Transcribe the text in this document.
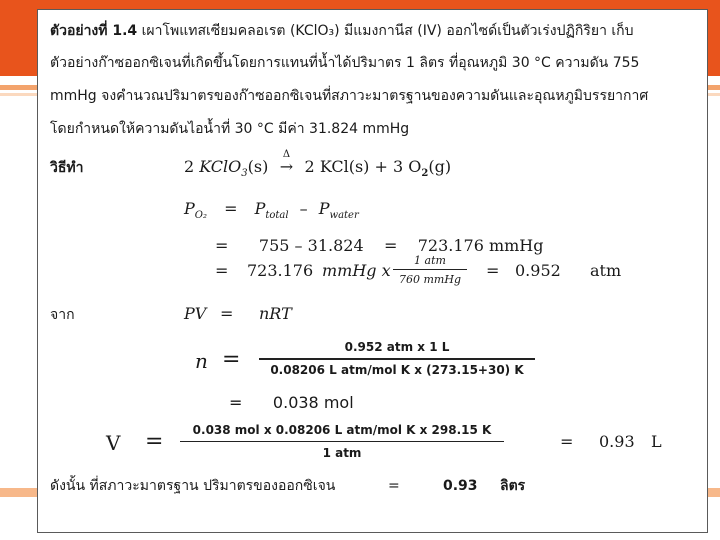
ตัวอย่างที่ 1.4 เผาโพแทสเซียมคลอเรต (KClO₃) มีแมงกานีส (IV) ออกไซด์เป็นตัวเร่งปฏิกิริยา เก็บ
ตัวอย่างก๊าซออกซิเจนที่เกิดขึ้นโดยการแทนที่น้ำได้ปริมาตร 1 ลิตร ที่อุณหภูมิ 30 °C ความดัน 755
mmHg จงคำนวณปริมาตรของก๊าซออกซิเจนที่สภาวะมาตรฐานของความดันและอุณหภูมิบรรยากาศ
โดยกำหนดให้ความดันไอน้ำที่ 30 °C มีค่า 31.824 mmHg
วิธีทำ	2 KClO$_3$(s)
Δ
→ 2 KCl(s) + 3 $O_2(g)$
$P_{O_2} = P_{total} - P_{water}$
=      755 – 31.824    =    723.176 mmHg
= 723.176 mmHg x
1 atm
760 mmHg	= 0.952 atm
จาก	PV = nRT
n =	0.952 atm x 1 L
0.08206 L atm/mol K x (273.15+30) K
=      0.038 mol
V =	0.038 mol x 0.08206 L atm/mol K x 298.15 K
1 atm
= 0.93 L
ดังนั้น ที่สภาวะมาตรฐาน ปริมาตรของออกซิเจน	=	0.93 ลิตร
